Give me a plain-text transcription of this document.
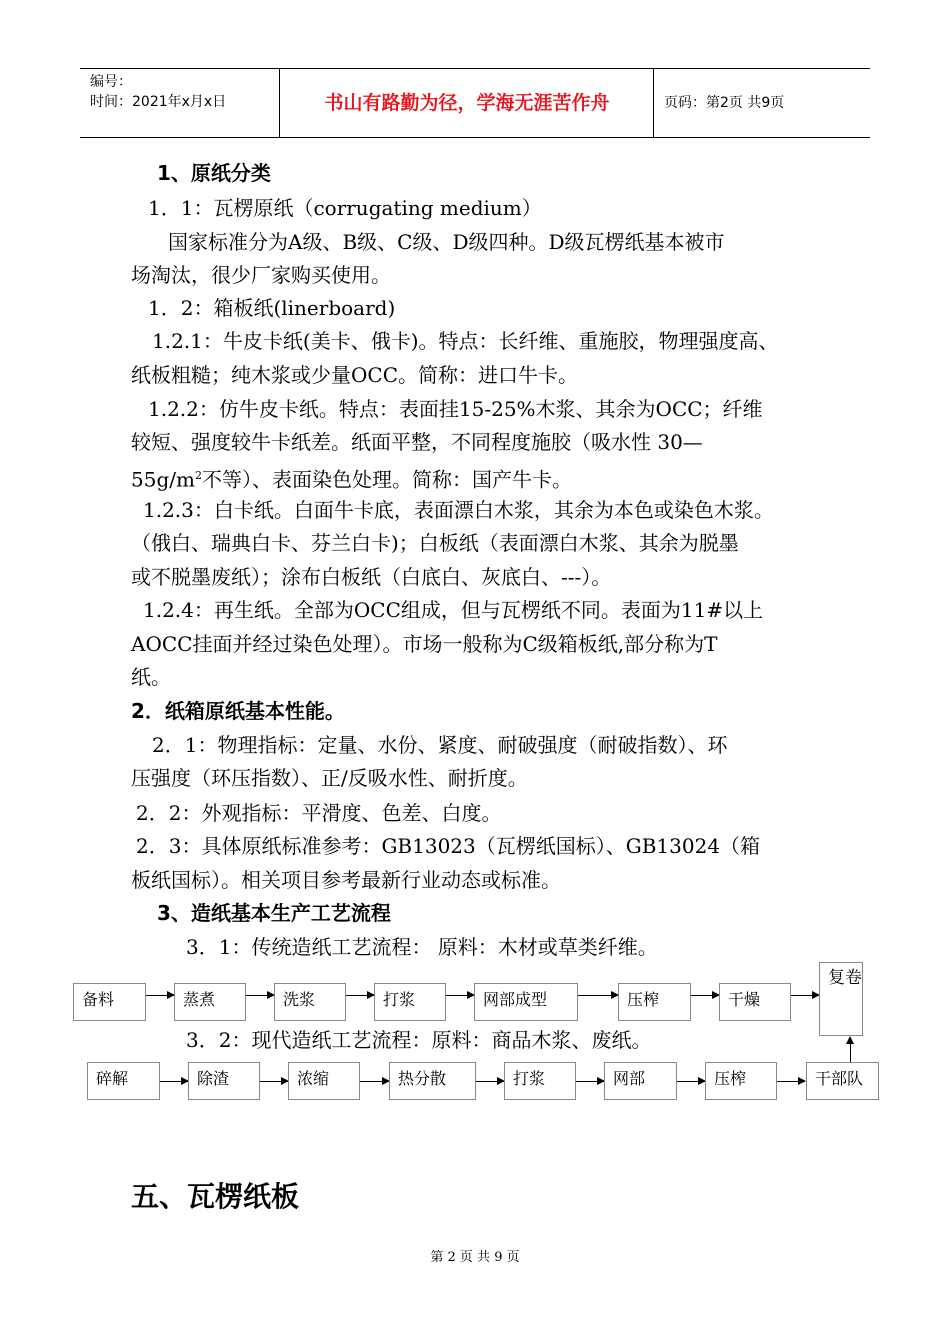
编号：
时间：2021年x月x日	书山有路勤为径，学海无涯苦作舟	页码：第2页 共9页
1、原纸分类
1．1：瓦楞原纸（corrugating medium）
国家标准分为A级、B级、C级、D级四种。D级瓦楞纸基本被市
场淘汰，很少厂家购买使用。
1．2：箱板纸(linerboard)
1.2.1：牛皮卡纸(美卡、俄卡)。特点：长纤维、重施胶，物理强度高、
纸板粗糙；纯木浆或少量OCC。简称：进口牛卡。
1.2.2：仿牛皮卡纸。特点：表面挂15-25%木浆、其余为OCC；纤维
较短、强度较牛卡纸差。纸面平整，不同程度施胶（吸水性 30—
$55g/m^2$不等）、表面染色处理。简称：国产牛卡。
1.2.3：白卡纸。白面牛卡底，表面漂白木浆，其余为本色或染色木浆。
（俄白、瑞典白卡、芬兰白卡)；白板纸（表面漂白木浆、其余为脱墨
或不脱墨废纸）；涂布白板纸（白底白、灰底白、---）。
1.2.4：再生纸。全部为OCC组成，但与瓦楞纸不同。表面为11#以上
AOCC挂面并经过染色处理）。市场一般称为C级箱板纸,部分称为T
纸。
2．纸箱原纸基本性能。
2．1：物理指标：定量、水份、紧度、耐破强度（耐破指数）、环
压强度（环压指数）、正/反吸水性、耐折度。
2．2：外观指标：平滑度、色差、白度。
2．3：具体原纸标准参考：GB13023（瓦楞纸国标）、GB13024（箱
板纸国标）。相关项目参考最新行业动态或标准。
3、造纸基本生产工艺流程
3．1：传统造纸工艺流程： 原料：木材或草类纤维。
备料	蒸煮	洗浆	打浆	网部成型	压榨	干燥
复卷
3．2：现代造纸工艺流程：原料：商品木浆、废纸。
碎解	除渣	浓缩	热分散	打浆	网部	压榨	干部队
五、瓦楞纸板
第 2 页 共 9 页
